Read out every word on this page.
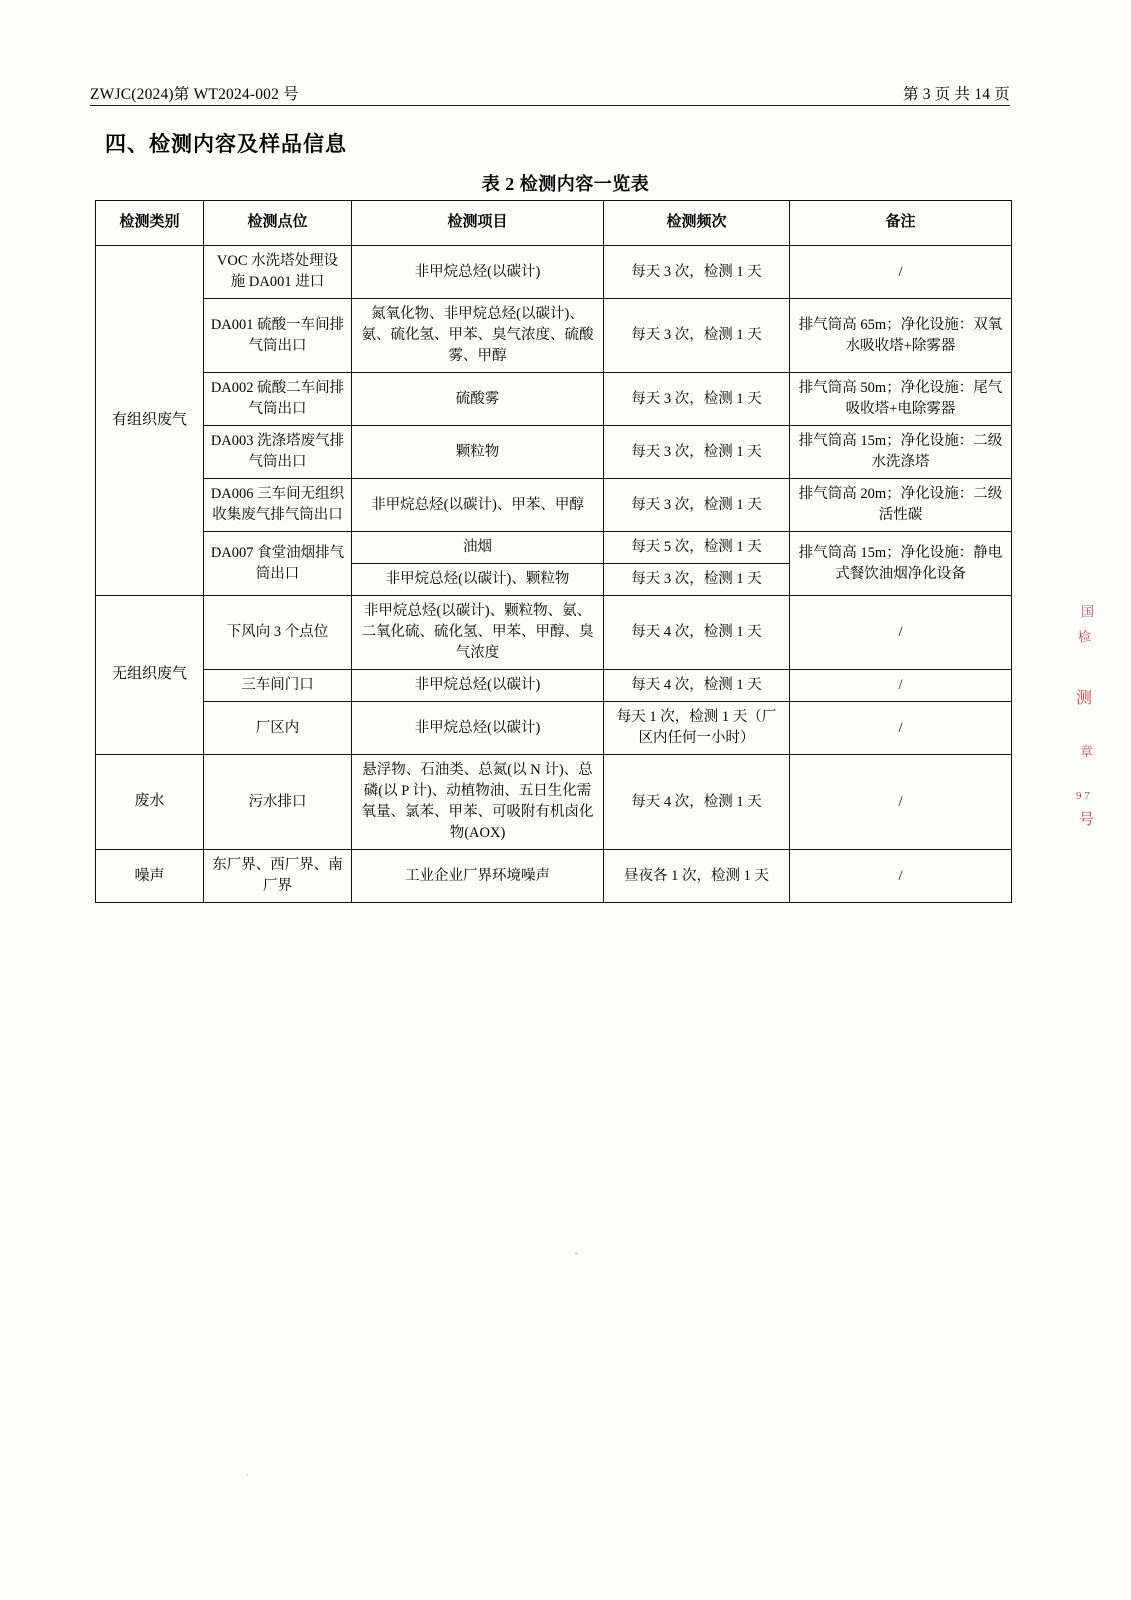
ZWJC(2024)第 WT2024-002 号	第 3 页 共 14 页
四、检测内容及样品信息
表 2 检测内容一览表
检测类别	检测点位	检测项目	检测频次	备注
有组织废气	VOC 水洗塔处理设施 DA001 进口	非甲烷总烃(以碳计)	每天 3 次，检测 1 天	/
	DA001 硫酸一车间排气筒出口	氮氧化物、非甲烷总烃(以碳计)、氨、硫化氢、甲苯、臭气浓度、硫酸雾、甲醇	每天 3 次，检测 1 天	排气筒高 65m；净化设施：双氧水吸收塔+除雾器
	DA002 硫酸二车间排气筒出口	硫酸雾	每天 3 次，检测 1 天	排气筒高 50m；净化设施：尾气吸收塔+电除雾器
	DA003 洗涤塔废气排气筒出口	颗粒物	每天 3 次，检测 1 天	排气筒高 15m；净化设施：二级水洗涤塔
	DA006 三车间无组织收集废气排气筒出口	非甲烷总烃(以碳计)、甲苯、甲醇	每天 3 次，检测 1 天	排气筒高 20m；净化设施：二级活性碳
	DA007 食堂油烟排气筒出口	油烟	每天 5 次，检测 1 天	排气筒高 15m；净化设施：静电式餐饮油烟净化设备
		非甲烷总烃(以碳计)、颗粒物	每天 3 次，检测 1 天	
无组织废气	下风向 3 个点位	非甲烷总烃(以碳计)、颗粒物、氨、二氧化硫、硫化氢、甲苯、甲醇、臭气浓度	每天 4 次，检测 1 天	/
	三车间门口	非甲烷总烃(以碳计)	每天 4 次，检测 1 天	/
	厂区内	非甲烷总烃(以碳计)	每天 1 次，检测 1 天（厂区内任何一小时）	/
废水	污水排口	悬浮物、石油类、总氮(以 N 计)、总磷(以 P 计)、动植物油、五日生化需氧量、氯苯、甲苯、可吸附有机卤化物(AOX)	每天 4 次，检测 1 天	/
噪声	东厂界、西厂界、南厂界	工业企业厂界环境噪声	昼夜各 1 次，检测 1 天	/
国
检
测
章
9 7
号
